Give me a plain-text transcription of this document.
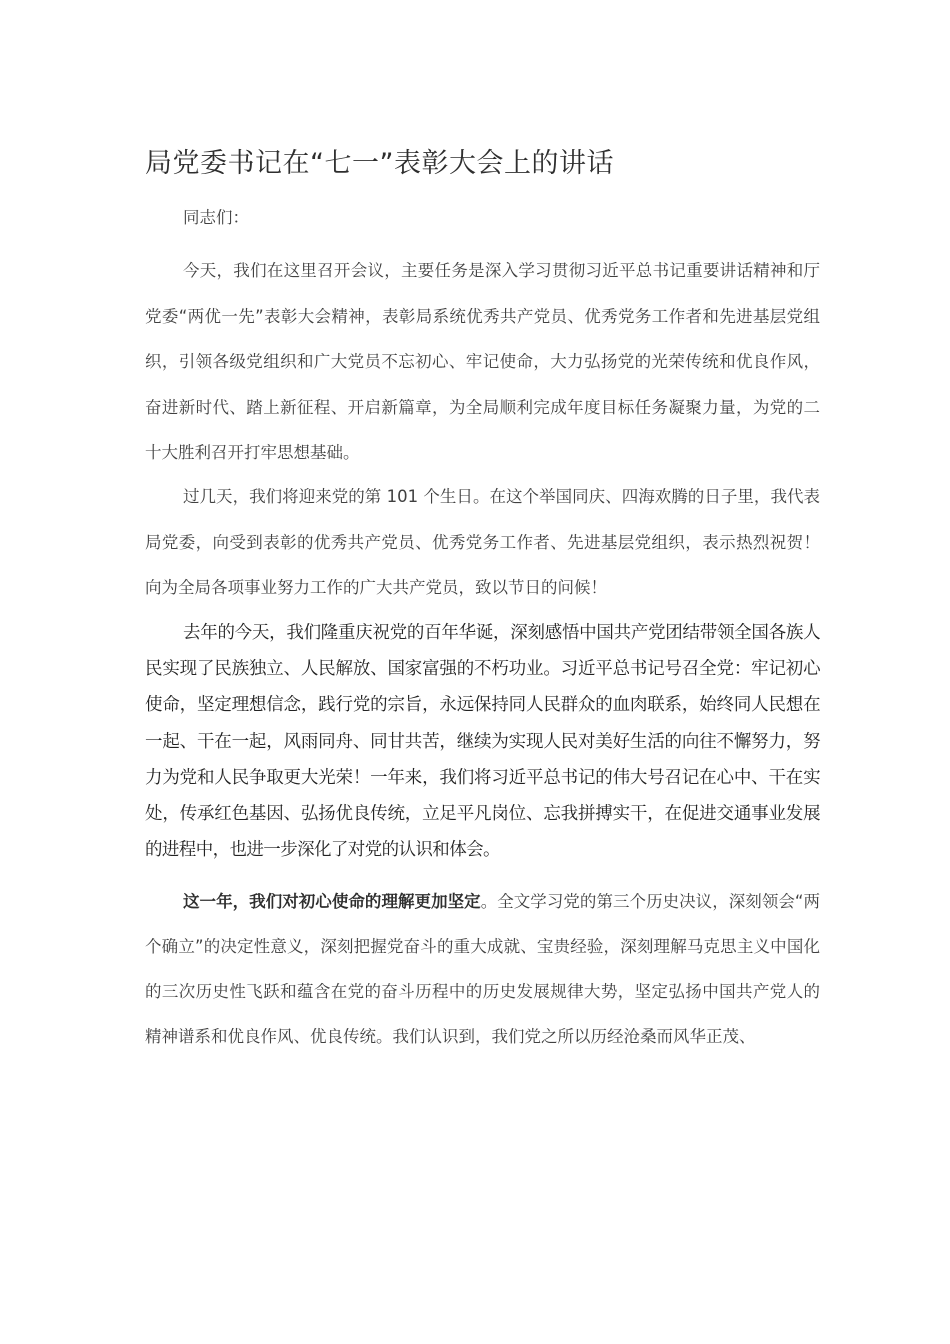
局党委书记在“七一”表彰大会上的讲话
同志们：

今天，我们在这里召开会议，主要任务是深入学习贯彻习近平总书记重要讲话精神和厅党委“两优一先”表彰大会精神，表彰局系统优秀共产党员、优秀党务工作者和先进基层党组织，引领各级党组织和广大党员不忘初心、牢记使命，大力弘扬党的光荣传统和优良作风，奋进新时代、踏上新征程、开启新篇章，为全局顺利完成年度目标任务凝聚力量，为党的二十大胜利召开打牢思想基础。

过几天，我们将迎来党的第 101 个生日。在这个举国同庆、四海欢腾的日子里，我代表局党委，向受到表彰的优秀共产党员、优秀党务工作者、先进基层党组织，表示热烈祝贺！向为全局各项事业努力工作的广大共产党员，致以节日的问候！

去年的今天，我们隆重庆祝党的百年华诞，深刻感悟中国共产党团结带领全国各族人民实现了民族独立、人民解放、国家富强的不朽功业。习近平总书记号召全党：牢记初心使命，坚定理想信念，践行党的宗旨，永远保持同人民群众的血肉联系，始终同人民想在一起、干在一起，风雨同舟、同甘共苦，继续为实现人民对美好生活的向往不懈努力，努力为党和人民争取更大光荣！一年来，我们将习近平总书记的伟大号召记在心中、干在实处，传承红色基因、弘扬优良传统，立足平凡岗位、忘我拼搏实干，在促进交通事业发展的进程中，也进一步深化了对党的认识和体会。

这一年，我们对初心使命的理解更加坚定。全文学习党的第三个历史决议，深刻领会“两个确立”的决定性意义，深刻把握党奋斗的重大成就、宝贵经验，深刻理解马克思主义中国化的三次历史性飞跃和蕴含在党的奋斗历程中的历史发展规律大势，坚定弘扬中国共产党人的精神谱系和优良作风、优良传统。我们认识到，我们党之所以历经沧桑而风华正茂、
